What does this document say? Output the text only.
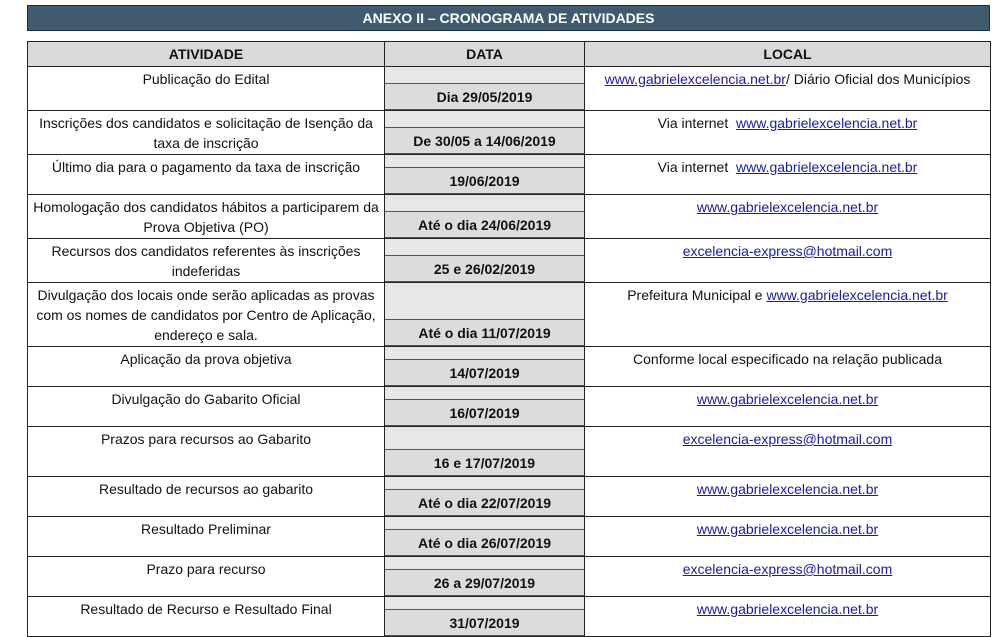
ANEXO II – CRONOGRAMA DE ATIVIDADES
ATIVIDADE	DATA	LOCAL
Publicação do Edital	Dia 29/05/2019	www.gabrielexcelencia.net.br/ Diário Oficial dos Municípios
Inscrições dos candidatos e solicitação de Isenção da taxa de inscrição	De 30/05 a 14/06/2019	Via internet  www.gabrielexcelencia.net.br
Último dia para o pagamento da taxa de inscrição	19/06/2019	Via internet  www.gabrielexcelencia.net.br
Homologação dos candidatos hábitos a participarem da Prova Objetiva (PO)	Até o dia 24/06/2019	www.gabrielexcelencia.net.br
Recursos dos candidatos referentes às inscrições indeferidas	25 e 26/02/2019	excelencia-express@hotmail.com
Divulgação dos locais onde serão aplicadas as provas com os nomes de candidatos por Centro de Aplicação, endereço e sala.	Até o dia 11/07/2019	Prefeitura Municipal e www.gabrielexcelencia.net.br
Aplicação da prova objetiva	14/07/2019	Conforme local especificado na relação publicada
Divulgação do Gabarito Oficial	16/07/2019	www.gabrielexcelencia.net.br
Prazos para recursos ao Gabarito	16 e 17/07/2019	excelencia-express@hotmail.com
Resultado de recursos ao gabarito	Até o dia 22/07/2019	www.gabrielexcelencia.net.br
Resultado Preliminar	Até o dia 26/07/2019	www.gabrielexcelencia.net.br
Prazo para recurso	26 a 29/07/2019	excelencia-express@hotmail.com
Resultado de Recurso e Resultado Final	31/07/2019	www.gabrielexcelencia.net.br
